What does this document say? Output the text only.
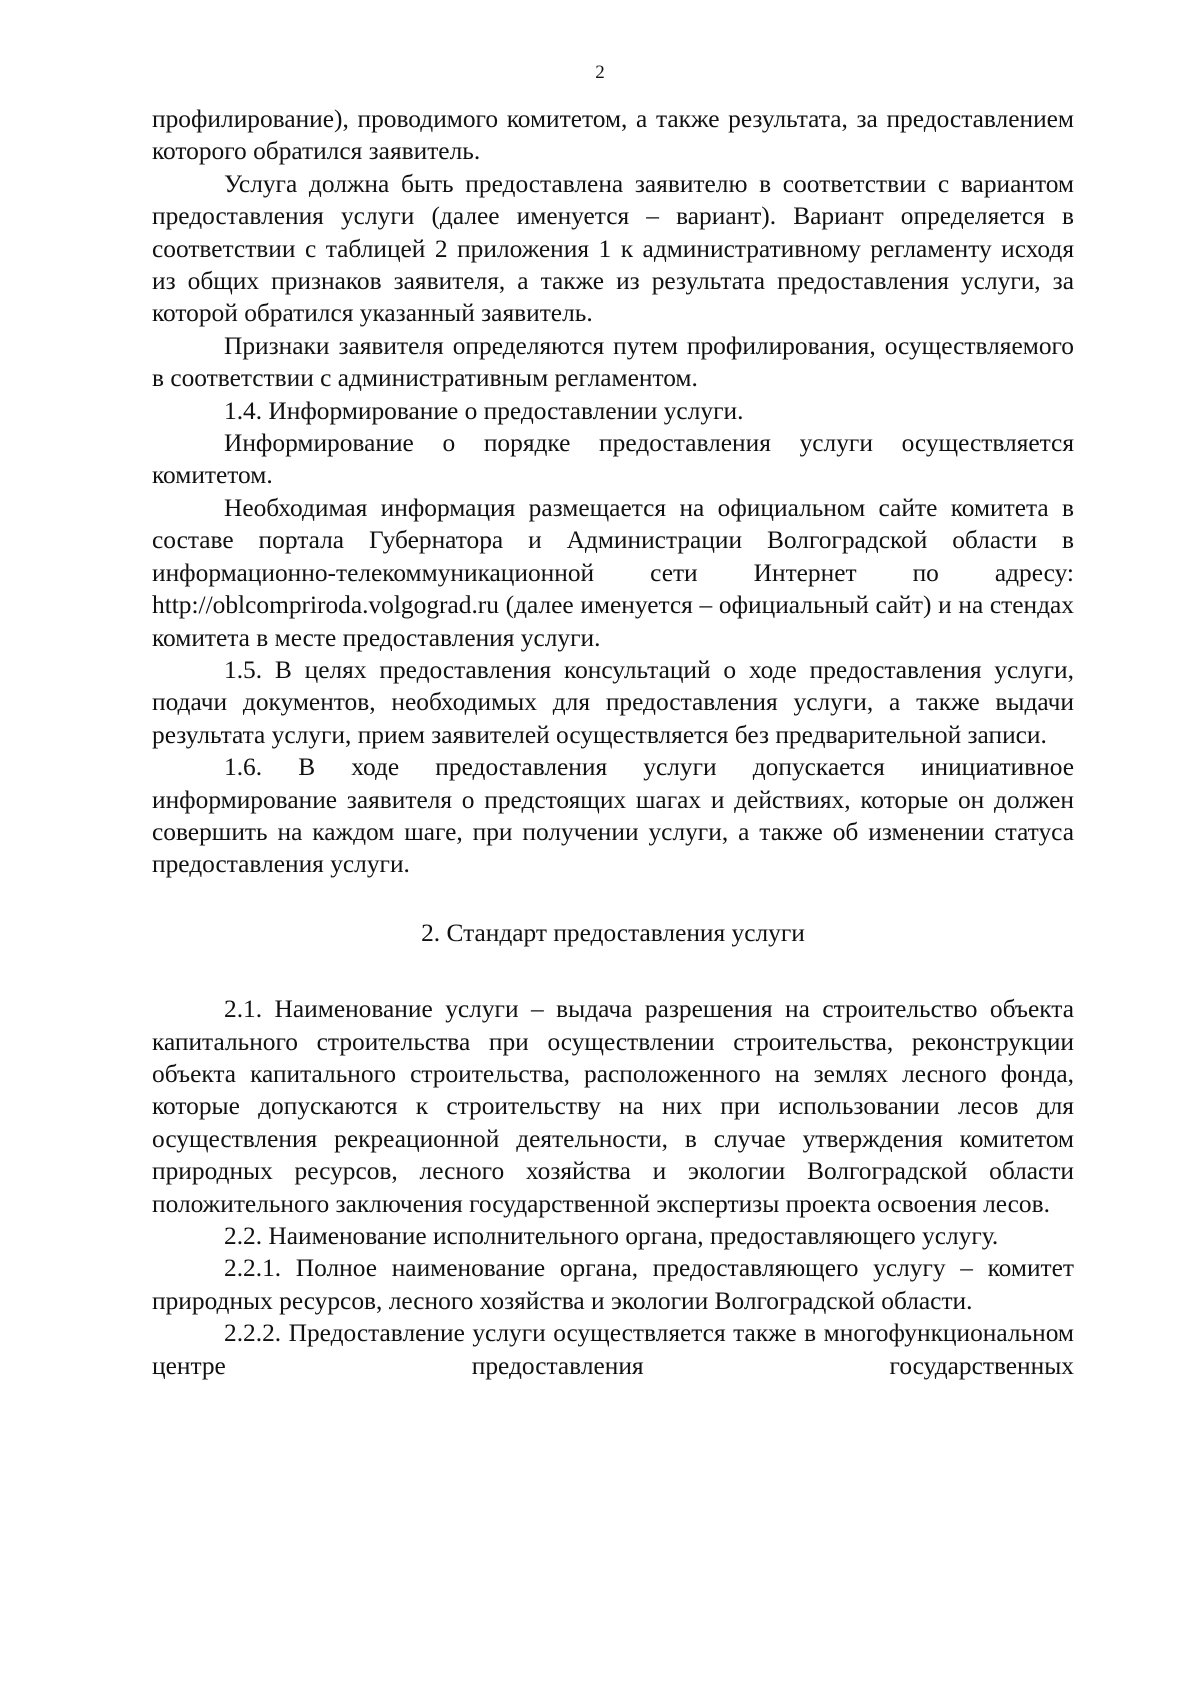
2

профилирование), проводимого комитетом, а также результата, за предоставлением которого обратился заявитель.

Услуга должна быть предоставлена заявителю в соответствии с вариантом предоставления услуги (далее именуется – вариант). Вариант определяется в соответствии с таблицей 2 приложения 1 к административному регламенту исходя из общих признаков заявителя, а также из результата предоставления услуги, за которой обратился указанный заявитель.

Признаки заявителя определяются путем профилирования, осуществляемого в соответствии с административным регламентом.

1.4. Информирование о предоставлении услуги.

Информирование о порядке предоставления услуги осуществляется комитетом.

Необходимая информация размещается на официальном сайте комитета в составе портала Губернатора и Администрации Волгоградской области в информационно-телекоммуникационной сети Интернет по адресу: http://oblcompriroda.volgograd.ru (далее именуется – официальный сайт) и на стендах комитета в месте предоставления услуги.

1.5. В целях предоставления консультаций о ходе предоставления услуги, подачи документов, необходимых для предоставления услуги, а также выдачи результата услуги, прием заявителей осуществляется без предварительной записи.

1.6. В ходе предоставления услуги допускается инициативное информирование заявителя о предстоящих шагах и действиях, которые он должен совершить на каждом шаге, при получении услуги, а также об изменении статуса предоставления услуги.

2. Стандарт предоставления услуги

2.1. Наименование услуги – выдача разрешения на строительство объекта капитального строительства при осуществлении строительства, реконструкции объекта капитального строительства, расположенного на землях лесного фонда, которые допускаются к строительству на них при использовании лесов для осуществления рекреационной деятельности, в случае утверждения комитетом природных ресурсов, лесного хозяйства и экологии Волгоградской области положительного заключения государственной экспертизы проекта освоения лесов.

2.2. Наименование исполнительного органа, предоставляющего услугу.

2.2.1. Полное наименование органа, предоставляющего услугу – комитет природных ресурсов, лесного хозяйства и экологии Волгоградской области.

2.2.2. Предоставление услуги осуществляется также в многофункциональном центре предоставления государственных
